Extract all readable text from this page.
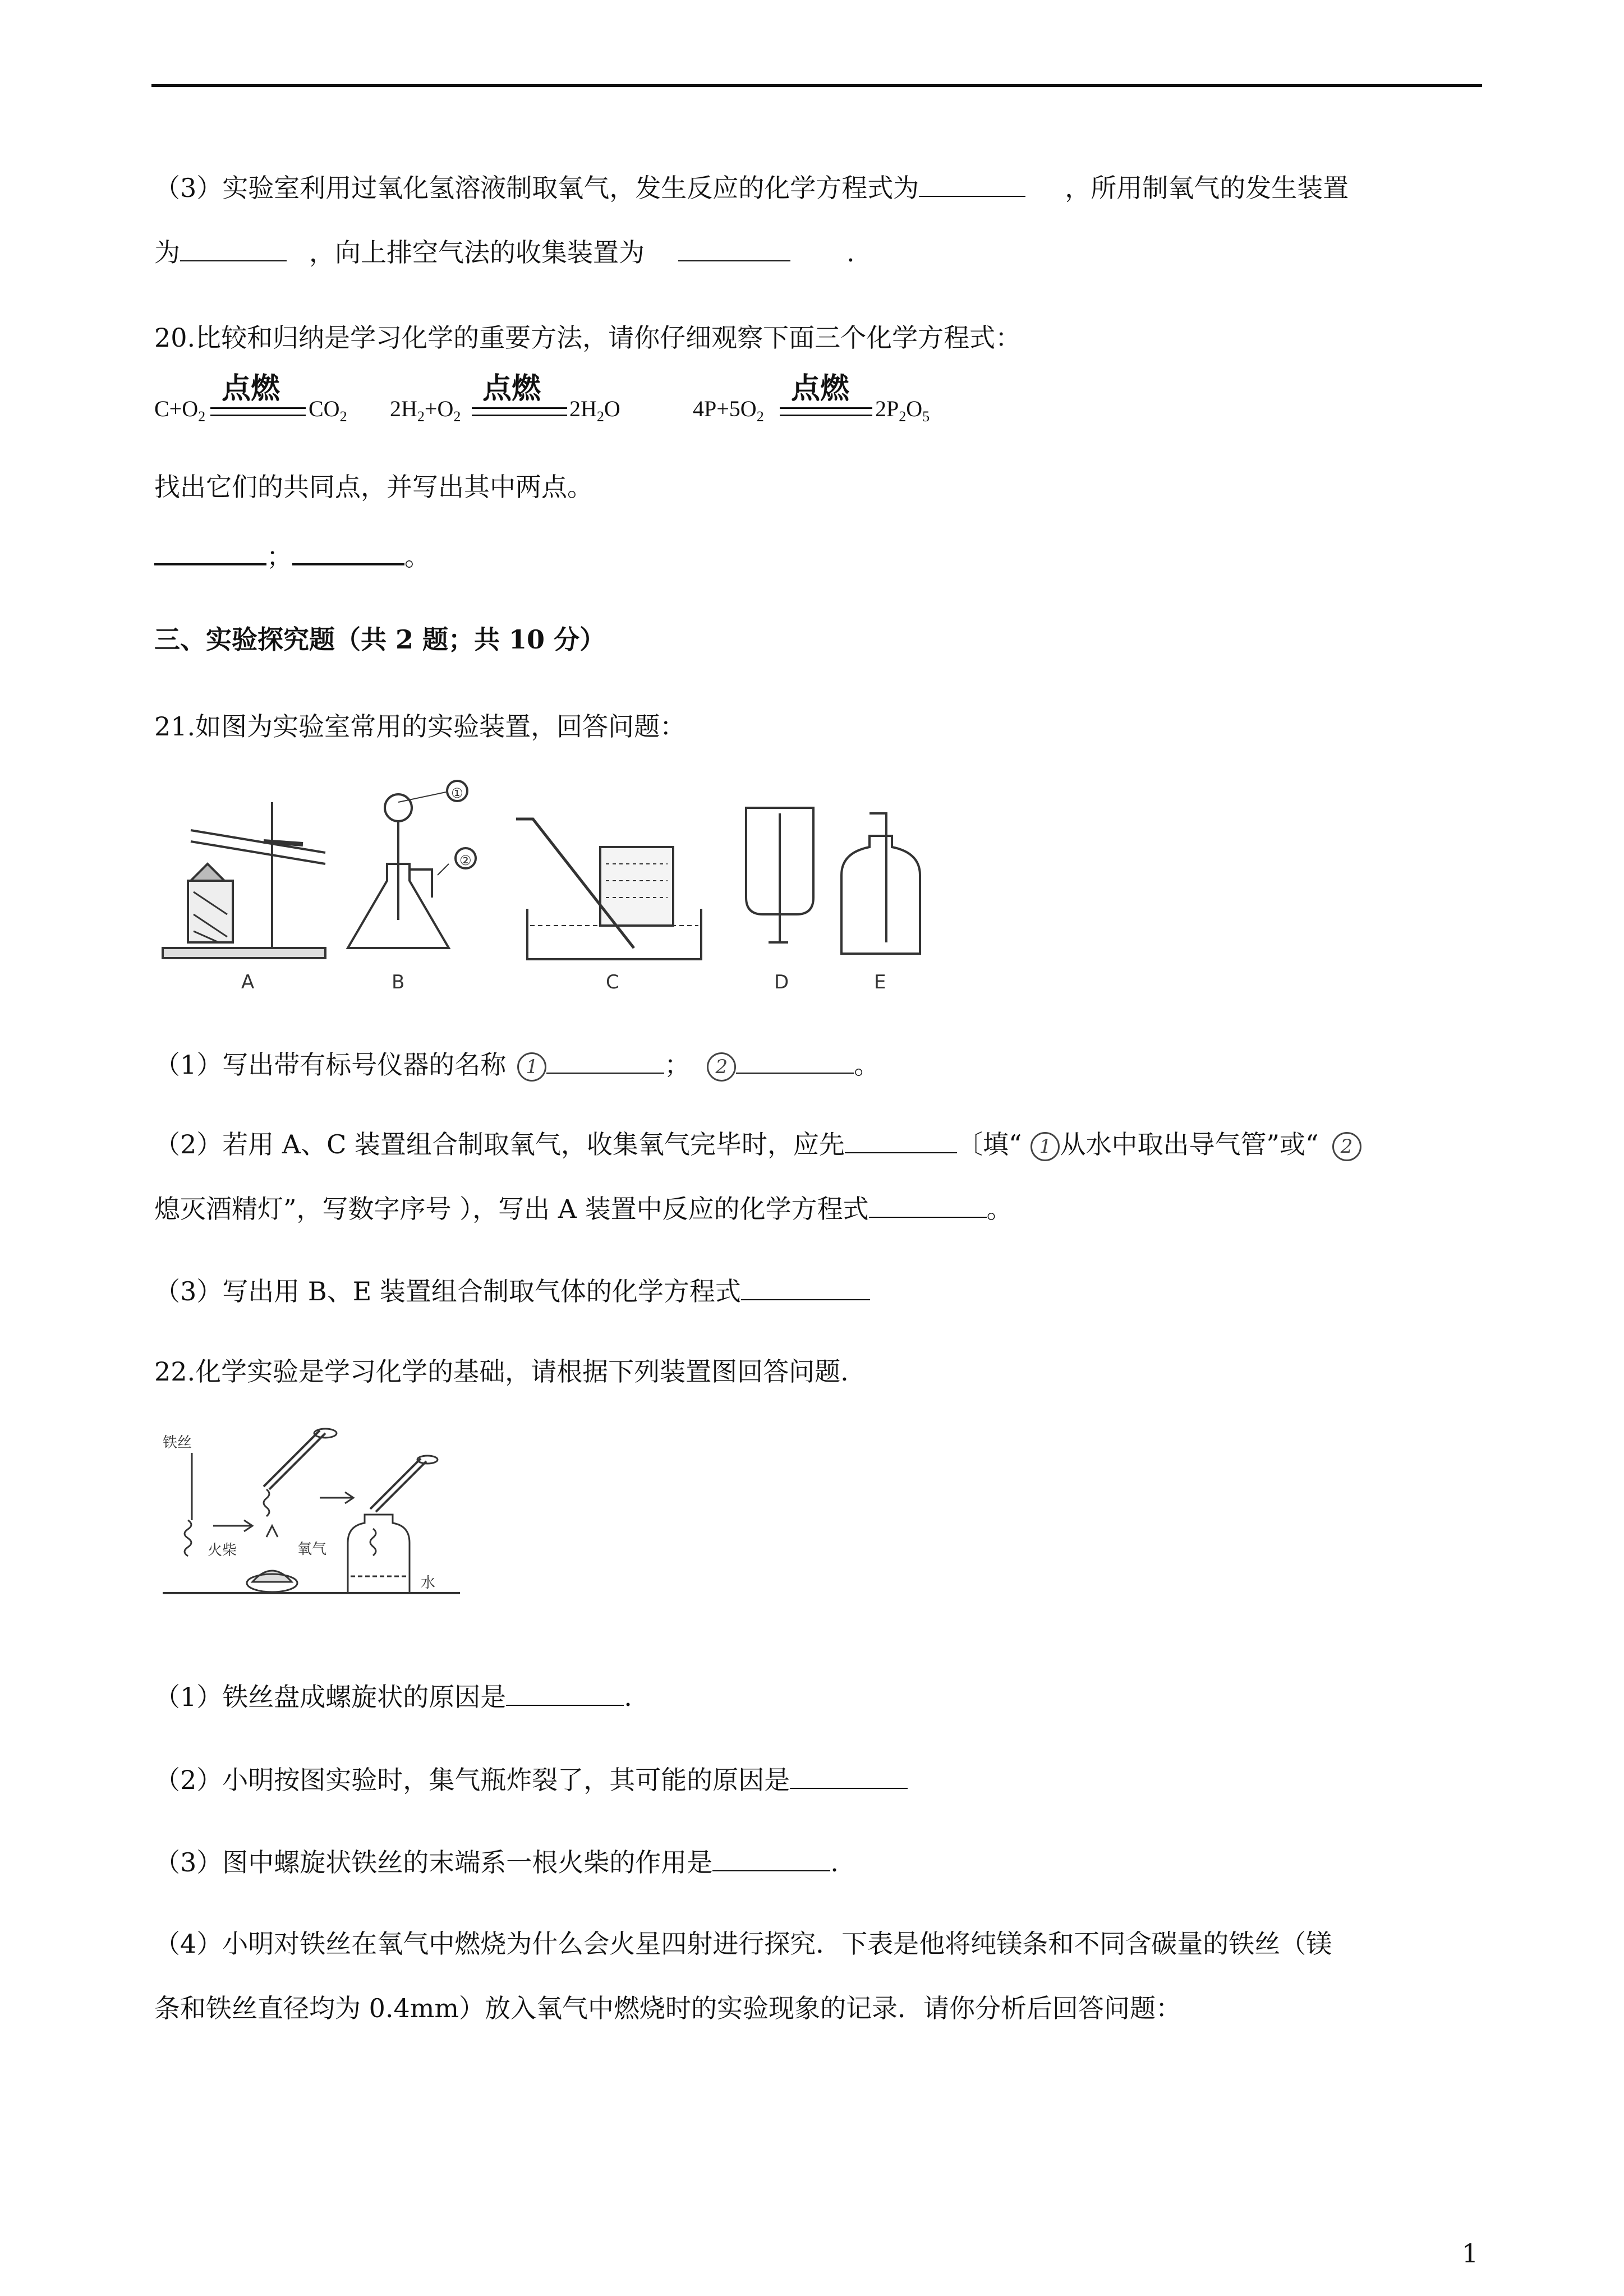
（3）实验室利用过氧化氢溶液制取氧气，发生反应的化学方程式为	，所用制氧气的发生装置
为	，向上排空气法的收集装置为	.
20.比较和归纳是学习化学的重要方法，请你仔细观察下面三个化学方程式：
$C+O_2$
点燃
$CO_2$ $2H_2+O_2$
点燃
$2H_2O$	$4P+5O_2$
点燃
$2P_2O_5$
找出它们的共同点，并写出其中两点。
；	。
三、实验探究题（共 2 题；共 10 分）
21.如图为实验室常用的实验装置，回答问题：
A	B	C	D	E
①
②
（1）写出带有标号仪器的名称 1	； 2	。
（2）若用 A、C 装置组合制取氧气，收集氧气完毕时，应先	〔填“ 1 从水中取出导气管”或“ 2
熄灭酒精灯”，写数字序号 ），写出 A 装置中反应的化学方程式	。
（3）写出用 B、E 装置组合制取气体的化学方程式
22.化学实验是学习化学的基础，请根据下列装置图回答问题.
铁丝
火柴	氧气
水
（1）铁丝盘成螺旋状的原因是	.
（2）小明按图实验时，集气瓶炸裂了，其可能的原因是
（3）图中螺旋状铁丝的末端系一根火柴的作用是	.
（4）小明对铁丝在氧气中燃烧为什么会火星四射进行探究．下表是他将纯镁条和不同含碳量的铁丝（镁
条和铁丝直径均为 0.4mm）放入氧气中燃烧时的实验现象的记录．请你分析后回答问题：
1
